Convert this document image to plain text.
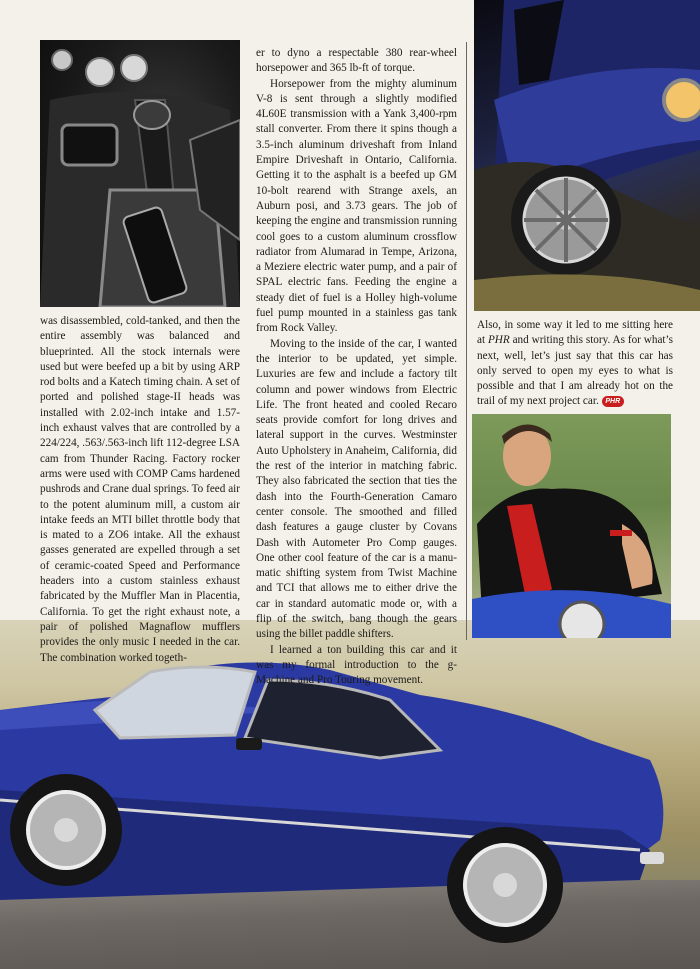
was disassembled, cold-tanked, and then the entire assembly was balanced and blueprinted. All the stock internals were used but were beefed up a bit by using ARP rod bolts and a Katech timing chain. A set of ported and polished stage-II heads was installed with 2.02-inch intake and 1.57-inch exhaust valves that are controlled by a 224/224, .563/.563-inch lift 112-degree LSA cam from Thunder Racing. Factory rocker arms were used with COMP Cams hardened pushrods and Crane dual springs. To feed air to the potent aluminum mill, a custom air intake feeds an MTI billet throttle body that is mated to a ZO6 intake. All the exhaust gasses generated are expelled through a set of ceramic-coated Speed and Performance headers into a custom stainless exhaust fabricated by the Muffler Man in Placentia, California. To get the right exhaust note, a pair of polished Magnaflow mufflers provides the only music I needed in the car. The combination worked togeth-

er to dyno a respectable 380 rear-wheel horsepower and 365 lb-ft of torque.

Horsepower from the mighty aluminum V-8 is sent through a slightly modified 4L60E transmission with a Yank 3,400-rpm stall converter. From there it spins though a 3.5-inch aluminum driveshaft from Inland Empire Driveshaft in Ontario, California. Getting it to the asphalt is a beefed up GM 10-bolt rearend with Strange axels, an Auburn posi, and 3.73 gears. The job of keeping the engine and transmission running cool goes to a custom aluminum crossflow radiator from Alumarad in Tempe, Arizona, a Meziere electric water pump, and a pair of SPAL electric fans. Feeding the engine a steady diet of fuel is a Holley high-volume fuel pump mounted in a stainless gas tank from Rock Valley.

Moving to the inside of the car, I wanted the interior to be updated, yet simple. Luxuries are few and include a factory tilt column and power windows from Electric Life. The front heated and cooled Recaro seats provide comfort for long drives and lateral support in the curves. Westminster Auto Upholstery in Anaheim, California, did the rest of the interior in matching fabric. They also fabricated the section that ties the dash into the Fourth-Generation Camaro center console. The smoothed and filled dash features a gauge cluster by Covans Dash with Autometer Pro Comp gauges. One other cool feature of the car is a manu-matic shifting system from Twist Machine and TCI that allows me to either drive the car in standard automatic mode or, with a flip of the switch, bang though the gears using the billet paddle shifters.

I learned a ton building this car and it was my formal introduction to the g-Machine and Pro Touring movement.

Also, in some way it led to me sitting here at PHR and writing this story. As for what’s next, well, let’s just say that this car has only served to open my eyes to what is possible and that I am already hot on the trail of my next project car. PHR
